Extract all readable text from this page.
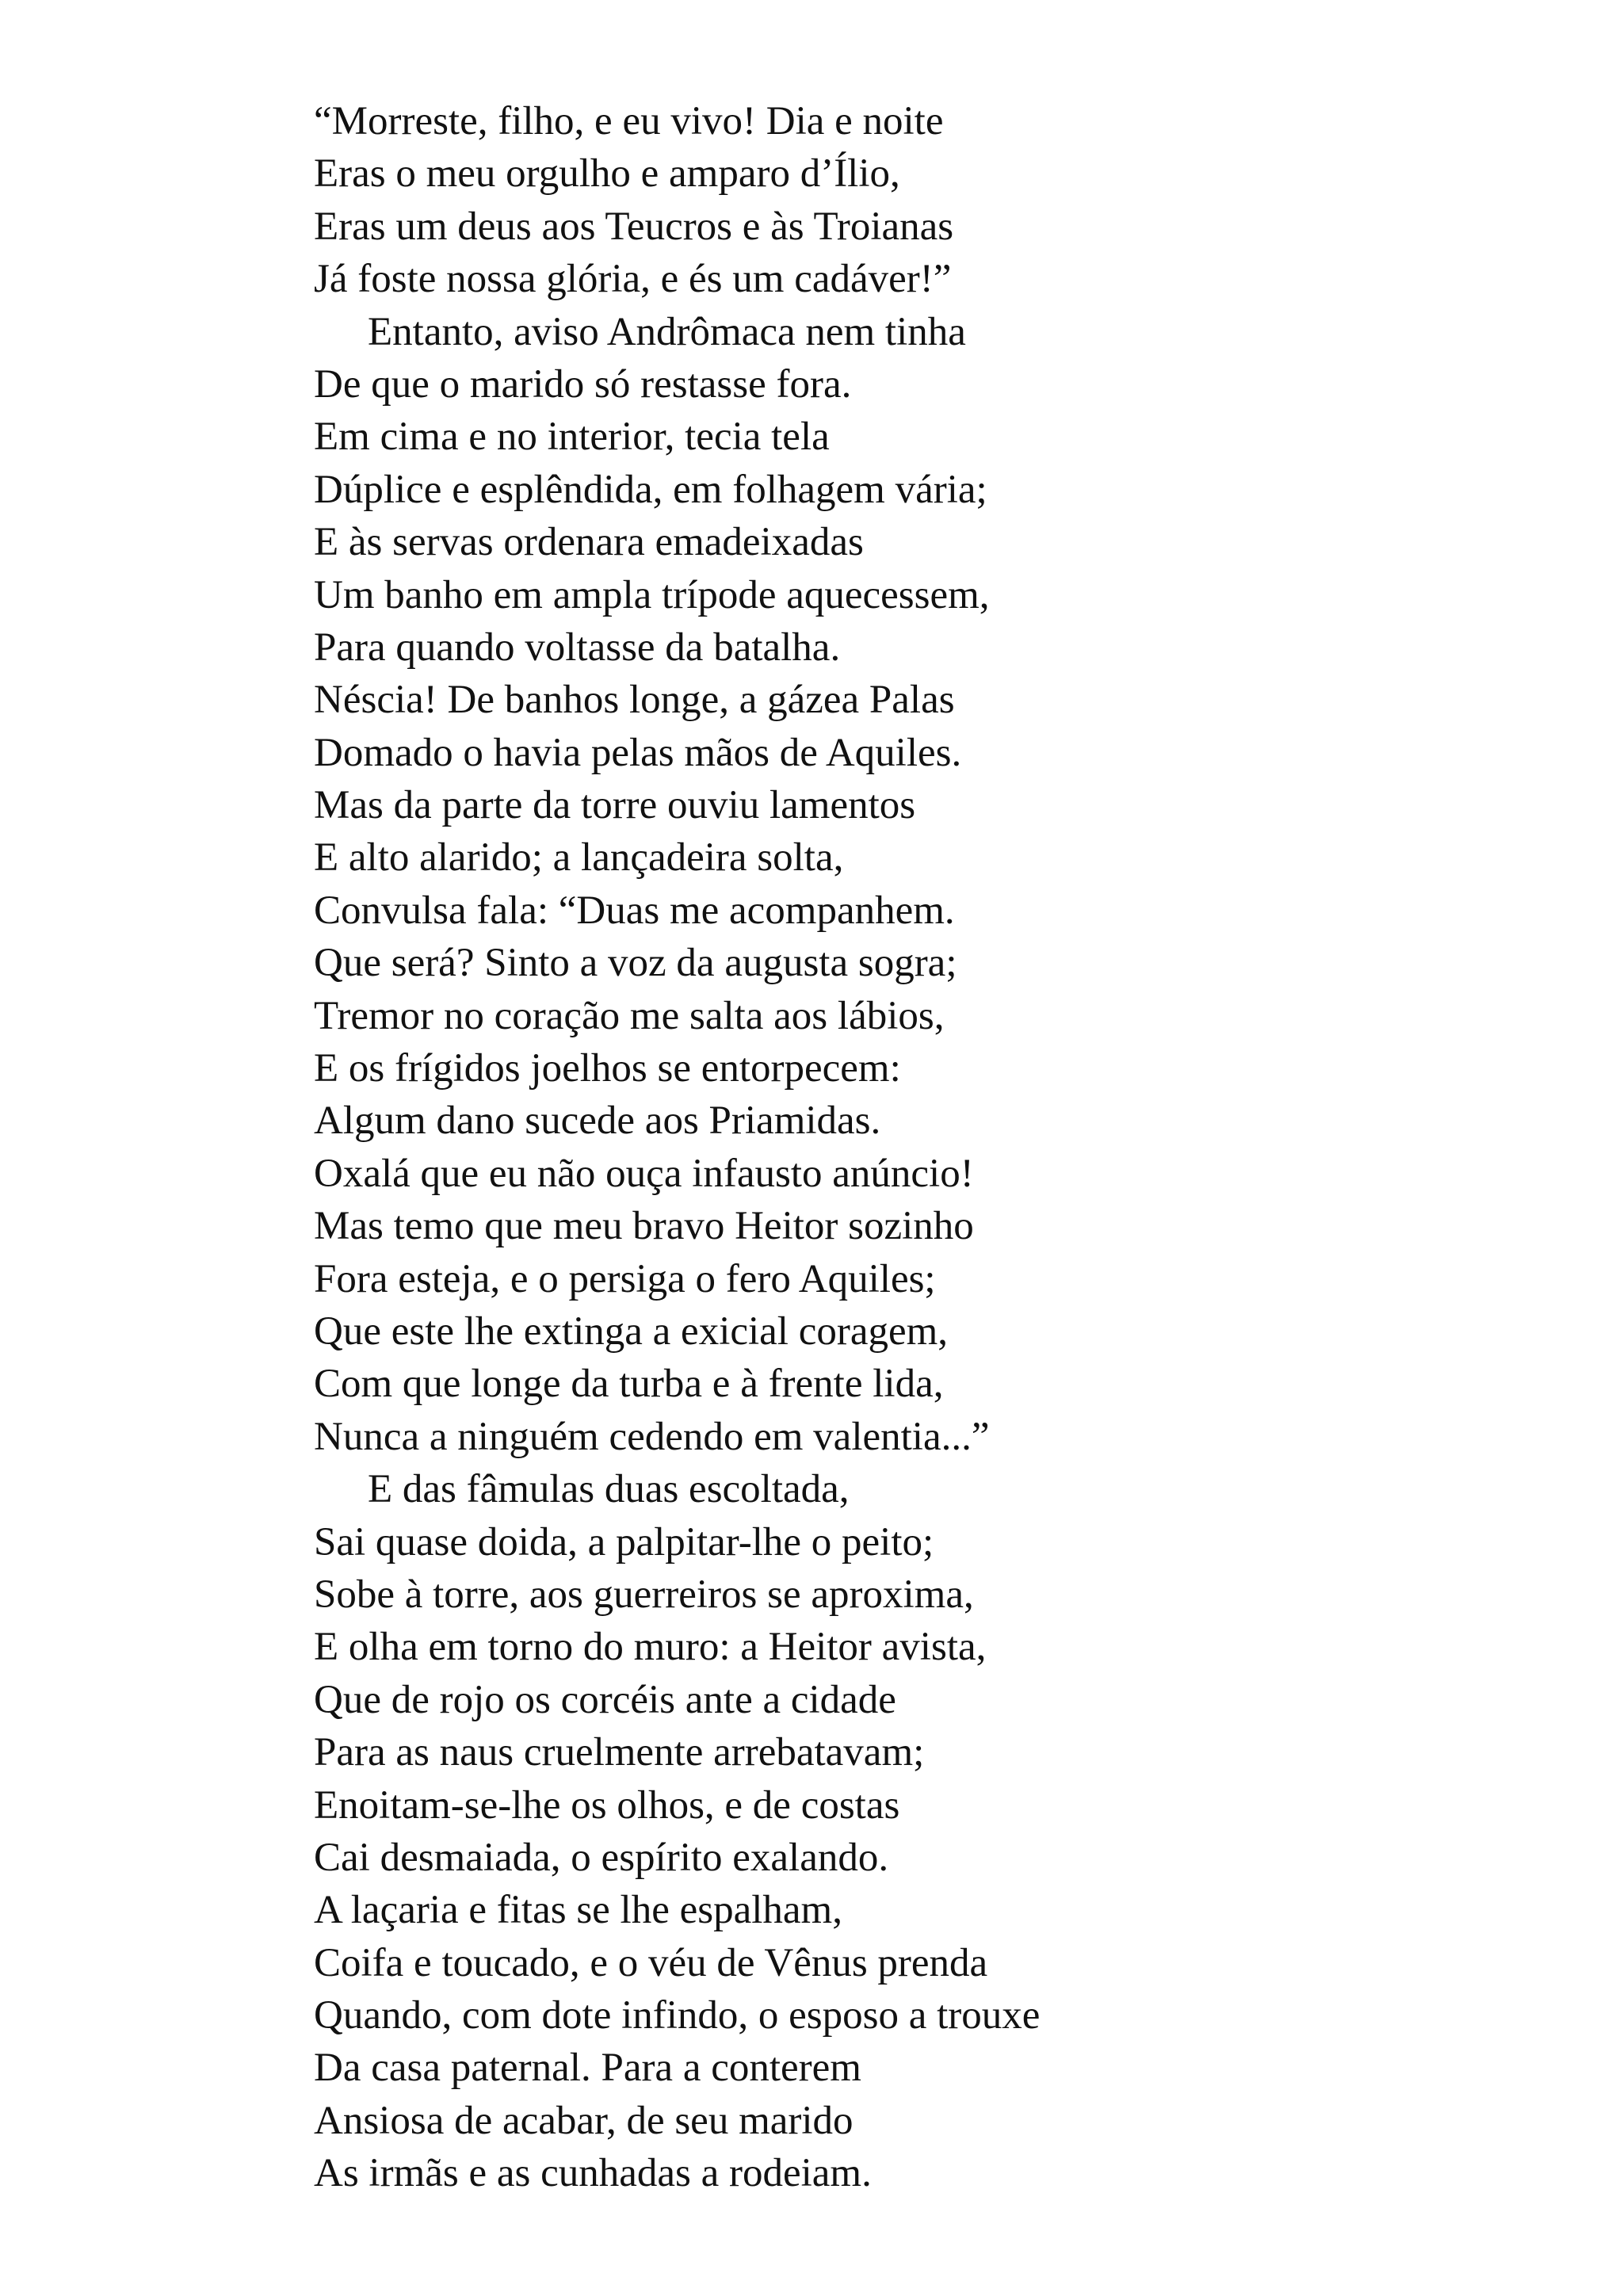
“Morreste, filho, e eu vivo! Dia e noite
Eras o meu orgulho e amparo d’Ílio,
Eras um deus aos Teucros e às Troianas
Já foste nossa glória, e és um cadáver!”
Entanto, aviso Andrômaca nem tinha
De que o marido só restasse fora.
Em cima e no interior, tecia tela
Dúplice e esplêndida, em folhagem vária;
E às servas ordenara emadeixadas
Um banho em ampla trípode aquecessem,
Para quando voltasse da batalha.
Néscia! De banhos longe, a gázea Palas
Domado o havia pelas mãos de Aquiles.
Mas da parte da torre ouviu lamentos
E alto alarido; a lançadeira solta,
Convulsa fala: “Duas me acompanhem.
Que será? Sinto a voz da augusta sogra;
Tremor no coração me salta aos lábios,
E os frígidos joelhos se entorpecem:
Algum dano sucede aos Priamidas.
Oxalá que eu não ouça infausto anúncio!
Mas temo que meu bravo Heitor sozinho
Fora esteja, e o persiga o fero Aquiles;
Que este lhe extinga a exicial coragem,
Com que longe da turba e à frente lida,
Nunca a ninguém cedendo em valentia...”
E das fâmulas duas escoltada,
Sai quase doida, a palpitar-lhe o peito;
Sobe à torre, aos guerreiros se aproxima,
E olha em torno do muro: a Heitor avista,
Que de rojo os corcéis ante a cidade
Para as naus cruelmente arrebatavam;
Enoitam-se-lhe os olhos, e de costas
Cai desmaiada, o espírito exalando.
A laçaria e fitas se lhe espalham,
Coifa e toucado, e o véu de Vênus prenda
Quando, com dote infindo, o esposo a trouxe
Da casa paternal. Para a conterem
Ansiosa de acabar, de seu marido
As irmãs e as cunhadas a rodeiam.
